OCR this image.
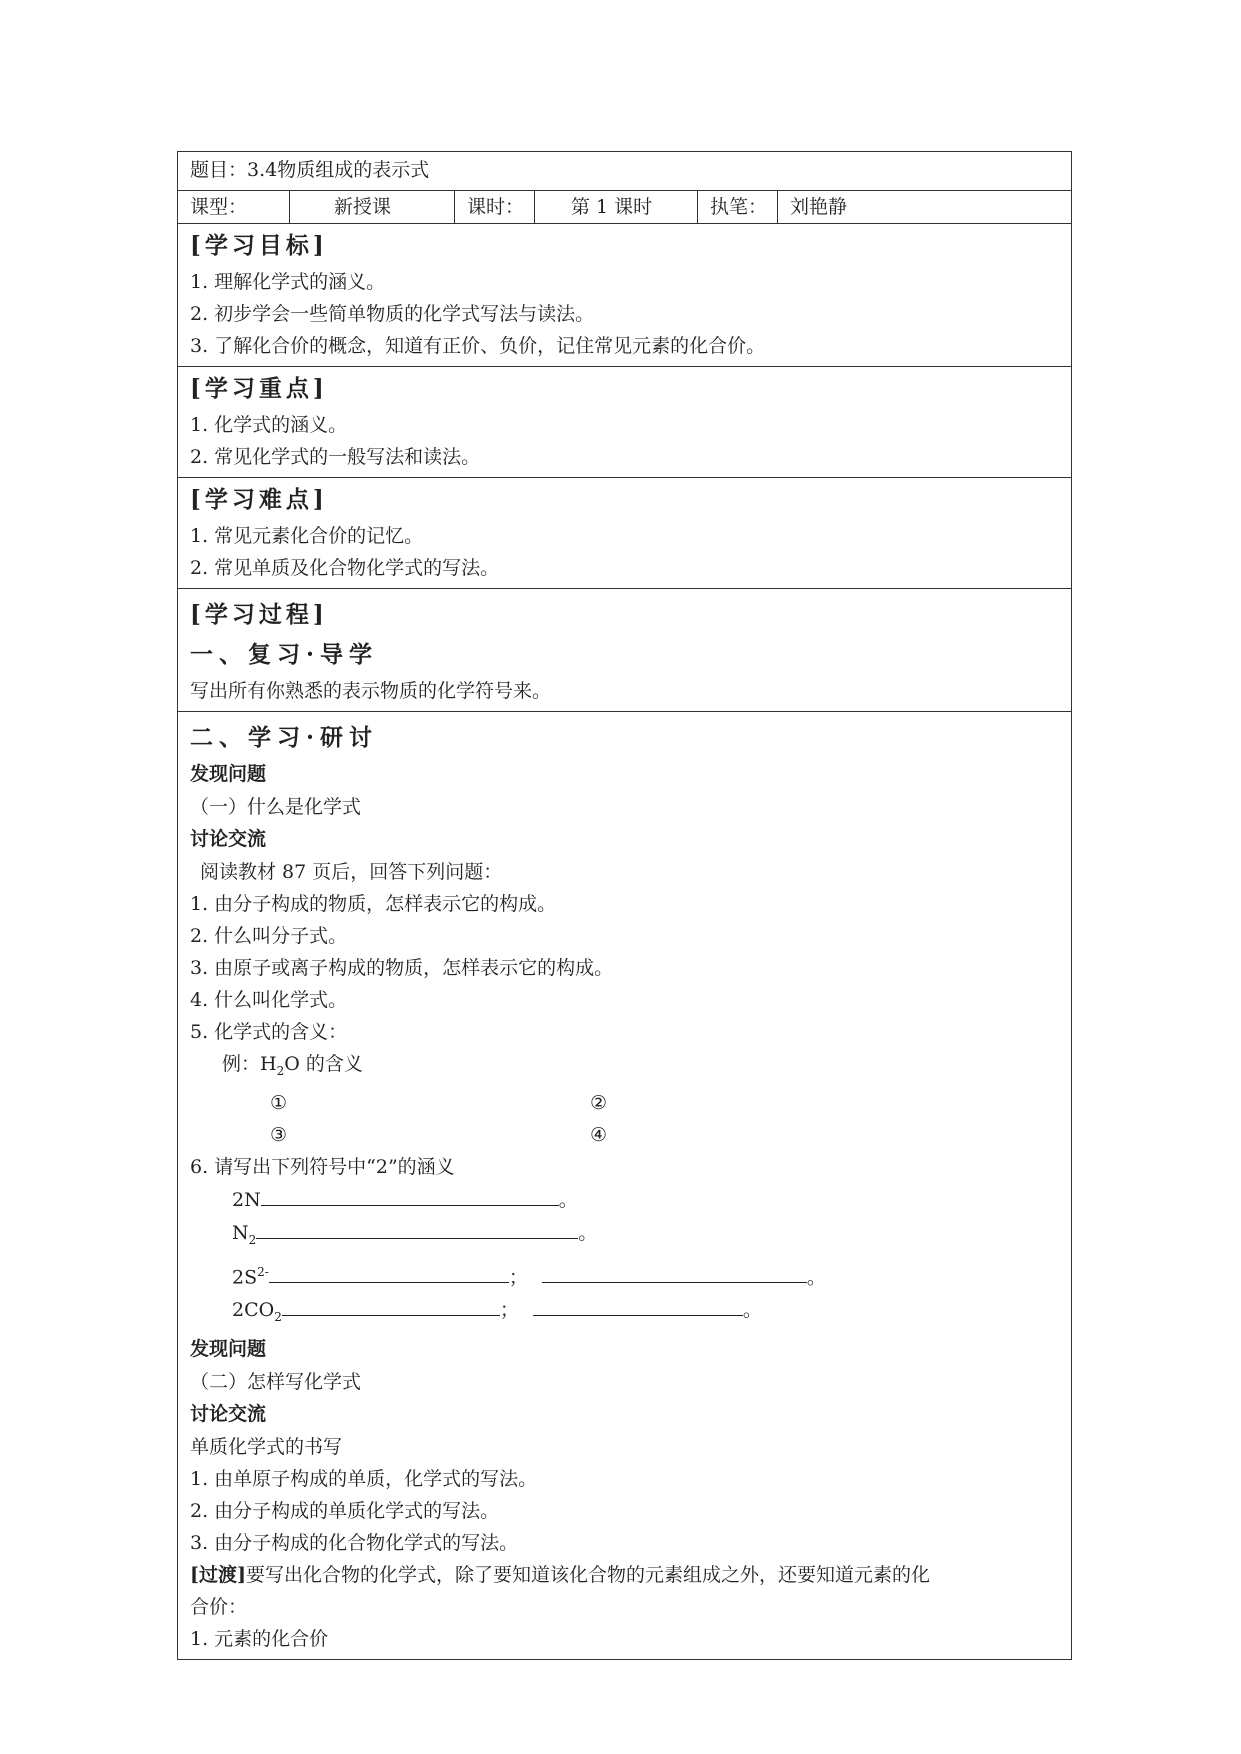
题目：3.4物质组成的表示式
课型：	新授课	课时：	第 1 课时	执笔：	刘艳静
[学习目标]
1. 理解化学式的涵义。
2. 初步学会一些简单物质的化学式写法与读法。
3. 了解化合价的概念，知道有正价、负价，记住常见元素的化合价。
[学习重点]
1. 化学式的涵义。
2. 常见化学式的一般写法和读法。
[学习难点]
1. 常见元素化合价的记忆。
2. 常见单质及化合物化学式的写法。
[学习过程]
一、复习·导学
写出所有你熟悉的表示物质的化学符号来。
二、学习·研讨
发现问题
（一）什么是化学式
讨论交流
阅读教材 87 页后，回答下列问题：
1. 由分子构成的物质，怎样表示它的构成。
2. 什么叫分子式。
3. 由原子或离子构成的物质，怎样表示它的构成。
4. 什么叫化学式。
5. 化学式的含义：
例：$H_2O$ 的含义
①	②
③	④
6. 请写出下列符号中“2”的涵义
2N	。
$N_2$	。
$2S^{2-}$	；	。
$2CO_2$	；	。
发现问题
（二）怎样写化学式
讨论交流
单质化学式的书写
1. 由单原子构成的单质，化学式的写法。
2. 由分子构成的单质化学式的写法。
3. 由分子构成的化合物化学式的写法。
[过渡]要写出化合物的化学式，除了要知道该化合物的元素组成之外，还要知道元素的化
合价：
1. 元素的化合价
